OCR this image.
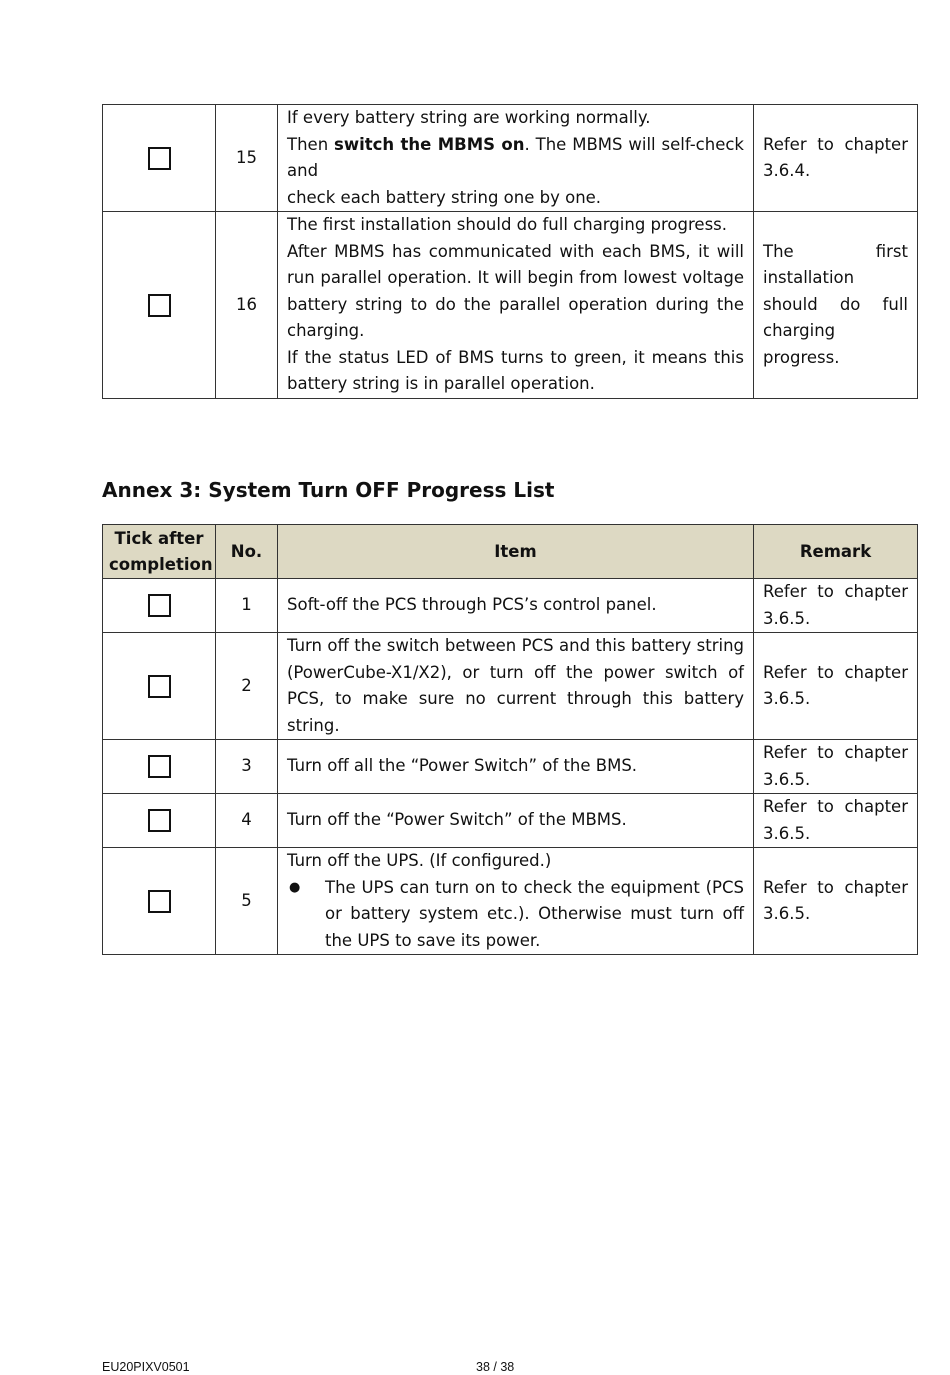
	15	If every battery string are working normally.
Then switch the MBMS on. The MBMS will self-check and
check each battery string one by one.	Refer to chapter 3.6.4.
	16	The first installation should do full charging progress.
After MBMS has communicated with each BMS, it will run parallel operation. It will begin from lowest voltage battery string to do the parallel operation during the charging.
If the status LED of BMS turns to green, it means this battery string is in parallel operation.	The first installation should do full charging progress.
Annex 3: System Turn OFF Progress List
Tick after completion	No.	Item	Remark
	1	Soft-off the PCS through PCS’s control panel.	Refer to chapter 3.6.5.
	2	Turn off the switch between PCS and this battery string (PowerCube-X1/X2), or turn off the power switch of PCS, to make sure no current through this battery string.	Refer to chapter 3.6.5.
	3	Turn off all the “Power Switch” of the BMS.	Refer to chapter 3.6.5.
	4	Turn off the “Power Switch” of the MBMS.	Refer to chapter 3.6.5.
	5	Turn off the UPS. (If configured.)
● The UPS can turn on to check the equipment (PCS or battery system etc.). Otherwise must turn off the UPS to save its power.	Refer to chapter 3.6.5.
EU20PIXV0501	38 / 38
